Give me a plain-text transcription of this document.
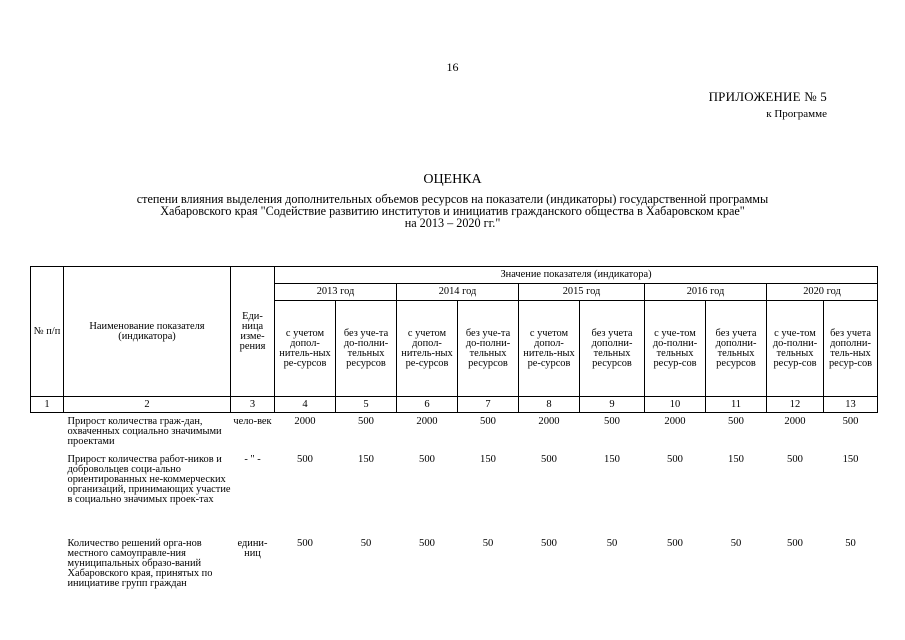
16
ПРИЛОЖЕНИЕ № 5
к Программе
ОЦЕНКА
степени влияния выделения дополнительных объемов ресурсов на показатели (индикаторы) государственной программы
Хабаровского края "Содействие развитию институтов и инициатив гражданского общества в Хабаровском крае"
на 2013 – 2020 гг."
№ п/п	Наименование показателя (индикатора)	Еди-ница изме-рения	Значение показателя (индикатора)									
			2013 год		2014 год		2015 год		2016 год		2020 год	
			с учетом допол-нитель-ных ре-сурсов	без уче-та до-полни-тельных ресурсов	с учетом допол-нитель-ных ре-сурсов	без уче-та до-полни-тельных ресурсов	с учетом допол-нитель-ных ре-сурсов	без учета дополни-тельных ресурсов	с уче-том до-полни-тельных ресур-сов	без учета дополни-тельных ресурсов	с уче-том до-полни-тельных ресур-сов	без учета дополни-тель-ных ресур-сов
1	2	3	4	5	6	7	8	9	10	11	12	13
	Прирост количества граж-дан, охваченных социально значимыми проектами	чело-век	2000	500	2000	500	2000	500	2000	500	2000	500
	Прирост количества работ-ников и добровольцев соци-ально ориентированных не-коммерческих организаций, принимающих участие в социально значимых проек-тах	- " -	500	150	500	150	500	150	500	150	500	150
	Количество решений орга-нов местного самоуправле-ния муниципальных образо-ваний Хабаровского края, принятых по инициативе групп граждан	едини-ниц	500	50	500	50	500	50	500	50	500	50
